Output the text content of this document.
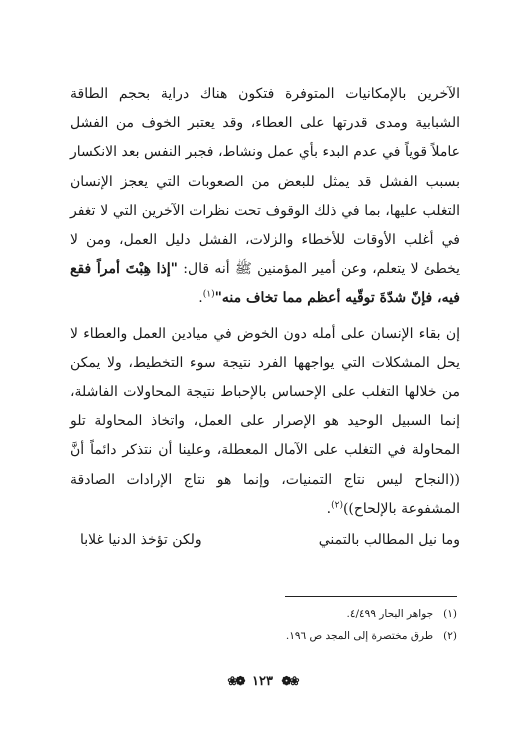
الآخرين بالإمكانيات المتوفرة فتكون هناك دراية بحجم الطاقة الشبابية ومدى قدرتها على العطاء، وقد يعتبر الخوف من الفشل عاملاً قوياً في عدم البدء بأي عمل ونشاط، فجبر النفس بعد الانكسار بسبب الفشل قد يمثل للبعض من الصعوبات التي يعجز الإنسان التغلب عليها، بما في ذلك الوقوف تحت نظرات الآخرين التي لا تغفر في أغلب الأوقات للأخطاء والزلات، الفشل دليل العمل، ومن لا يخطئ لا يتعلم، وعن أمير المؤمنين ﷺ أنه قال: "إذا هِبْتَ أمراً فقع فيه، فإنّ شدّةَ توقّيه أعظم مما تخاف منه"$^{(١)}$.

إن بقاء الإنسان على أمله دون الخوض في ميادين العمل والعطاء لا يحل المشكلات التي يواجهها الفرد نتيجة سوء التخطيط، ولا يمكن من خلالها التغلب على الإحساس بالإحباط نتيجة المحاولات الفاشلة، إنما السبيل الوحيد هو الإصرار على العمل، واتخاذ المحاولة تلو المحاولة في التغلب على الآمال المعطلة، وعلينا أن نتذكر دائماً أنَّ ((النجاح ليس نتاج التمنيات، وإنما هو نتاج الإرادات الصادقة المشفوعة بالإلحاح))$^{(٢)}$.

وما نيل المطالب بالتمني
ولكن تؤخذ الدنيا غلابا
(١)
جواهر البحار ٤/٤٩٩.
(٢)
طرق مختصرة إلى المجد ص ١٩٦.
❀❁ ١٢٣ ❁❀
